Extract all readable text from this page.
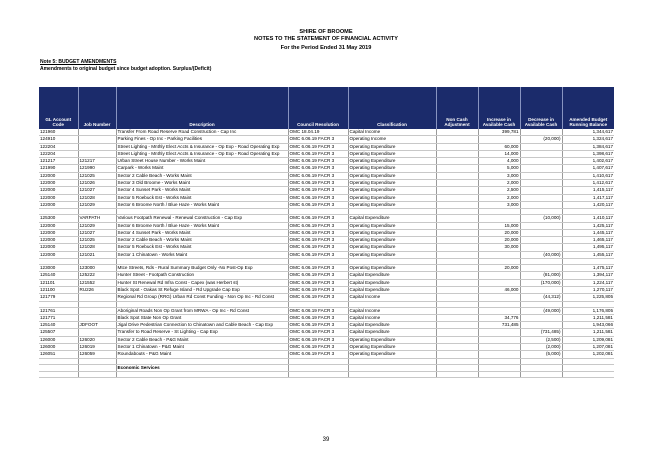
SHIRE OF BROOME
NOTES TO THE STATEMENT OF FINANCIAL ACTIVITY
For the Period Ended 31 May 2019
Note 5: BUDGET AMENDMENTS
Amendments to original budget since budget adoption. Surplus/(Deficit)
GL Account Code	Job Number	Description	Council Resolution	Classification	Non Cash Adjustment	Increase in Available Cash	Decrease in Available Cash	Amended Budget Running Balance
121960		Transfer From Road Reserve Road Construction - Cap Inc	OMC 18.04.19	Capital Income		399,781		1,344,617
124910		Parking Fines - Op Inc - Parking Facilities	OMC 6.06.19 FACR 3	Operating Income			(20,000)	1,324,617
122204		Street Lighting - Mnthly Elect Accts & Insurance - Op Exp - Road Operating Exp	OMC 6.06.19 FACR 3	Operating Expenditure		60,000		1,384,617
122204		Street Lighting - Mnthly Elect Accts & Insurance - Op Exp - Road Operating Exp	OMC 6.06.19 FACR 3	Operating Expenditure		14,000		1,398,617
121217	121217	Urban Street House Number - Works Maint	OMC 6.06.19 FACR 3	Operating Expenditure		4,000		1,402,617
121990	121990	Carpark - Works Maint	OMC 6.06.19 FACR 3	Operating Expenditure		5,000		1,407,617
122000	121025	Sector 2 Cable Beach - Works Maint	OMC 6.06.19 FACR 3	Operating Expenditure		3,000		1,410,617
122000	121026	Sector 3 Old Broome - Works Maint	OMC 6.06.19 FACR 3	Operating Expenditure		2,000		1,412,617
122000	121027	Sector 4 Sunset Park - Works Maint	OMC 6.06.19 FACR 3	Operating Expenditure		2,500		1,415,117
122000	121028	Sector 5 Roebuck Est - Works Maint	OMC 6.06.19 FACR 3	Operating Expenditure		2,000		1,417,117
122000	121029	Sector 6 Broome North / Blue Haze - Works Maint	OMC 6.06.19 FACR 3	Operating Expenditure		3,000		1,420,117

125300	VARPATH	Various Footpath Renewal - Renewal Construction - Cap Exp	OMC 6.06.19 FACR 3	Capital Expenditure			(10,000)	1,410,117
122000	121029	Sector 6 Broome North / Blue Haze - Works Maint	OMC 6.06.19 FACR 3	Operating Expenditure		15,000		1,425,117
122000	121027	Sector 4 Sunset Park - Works Maint	OMC 6.06.19 FACR 3	Operating Expenditure		20,000		1,445,117
122000	121025	Sector 2 Cable Beach - Works Maint	OMC 6.06.19 FACR 3	Operating Expenditure		20,000		1,465,117
122000	121028	Sector 5 Roebuck Est - Works Maint	OMC 6.06.19 FACR 3	Operating Expenditure		30,000		1,495,117
122000	121021	Sector 1 Chinatown - Works Maint	OMC 6.06.19 FACR 3	Operating Expenditure			(40,000)	1,455,117

123000	123000	Mtce Streets, Rds - Rural Summary Budget Only -No Post-Op Exp	OMC 6.06.19 FACR 3	Operating Expenditure		20,000		1,475,117
125140	125222	Hunter Street - Footpath Construction	OMC 6.06.19 FACR 3	Capital Expenditure			(81,000)	1,394,117
121101	121552	Hunter St Renewal Rd Infra Const - Capex (was Herbert st)	OMC 6.06.19 FACR 3	Capital Expenditure			(170,000)	1,224,117
121100	RU226	Black Spot - Oakas St Refuge Island - Rd Upgrade Cap Exp	OMC 6.06.19 FACR 3	Capital Expenditure		46,000		1,270,117
121779		Regional Rd Group (RRG) Urban Rd Const Funding - Non Op Inc - Rd Const	OMC 6.06.19 FACR 3	Capital Income			(44,312)	1,225,805

121761		Aboriginal Roads Non Op Grant from MRWA - Op Inc - Rd Const	OMC 6.06.19 FACR 3	Capital Income			(49,000)	1,176,805
121771		Black Spot State Non Op Grant	OMC 6.06.19 FACR 3	Capital Income		34,776		1,211,581
125140	JDFOOT	Jigal Drive Pedestrian Connection to Chinatown and Cable Beach - Cap Exp	OMC 6.06.19 FACR 3	Capital Expenditure		731,485		1,943,066
125507		Transfer to Road Reserve - St Lighting - Cap Exp	OMC 6.06.19 FACR 3	Capital Expenditure			(731,485)	1,211,581
126000	126020	Sector 2 Cable Beach - P&G Maint	OMC 6.06.19 FACR 3	Operating Expenditure			(2,500)	1,209,081
126000	126019	Sector 1 Chinatown - P&G Maint	OMC 6.06.19 FACR 3	Operating Expenditure			(2,000)	1,207,081
126051	126059	Roundabouts - P&G Maint	OMC 6.06.19 FACR 3	Operating Expenditure			(5,000)	1,202,081

		Economic Services						

39
